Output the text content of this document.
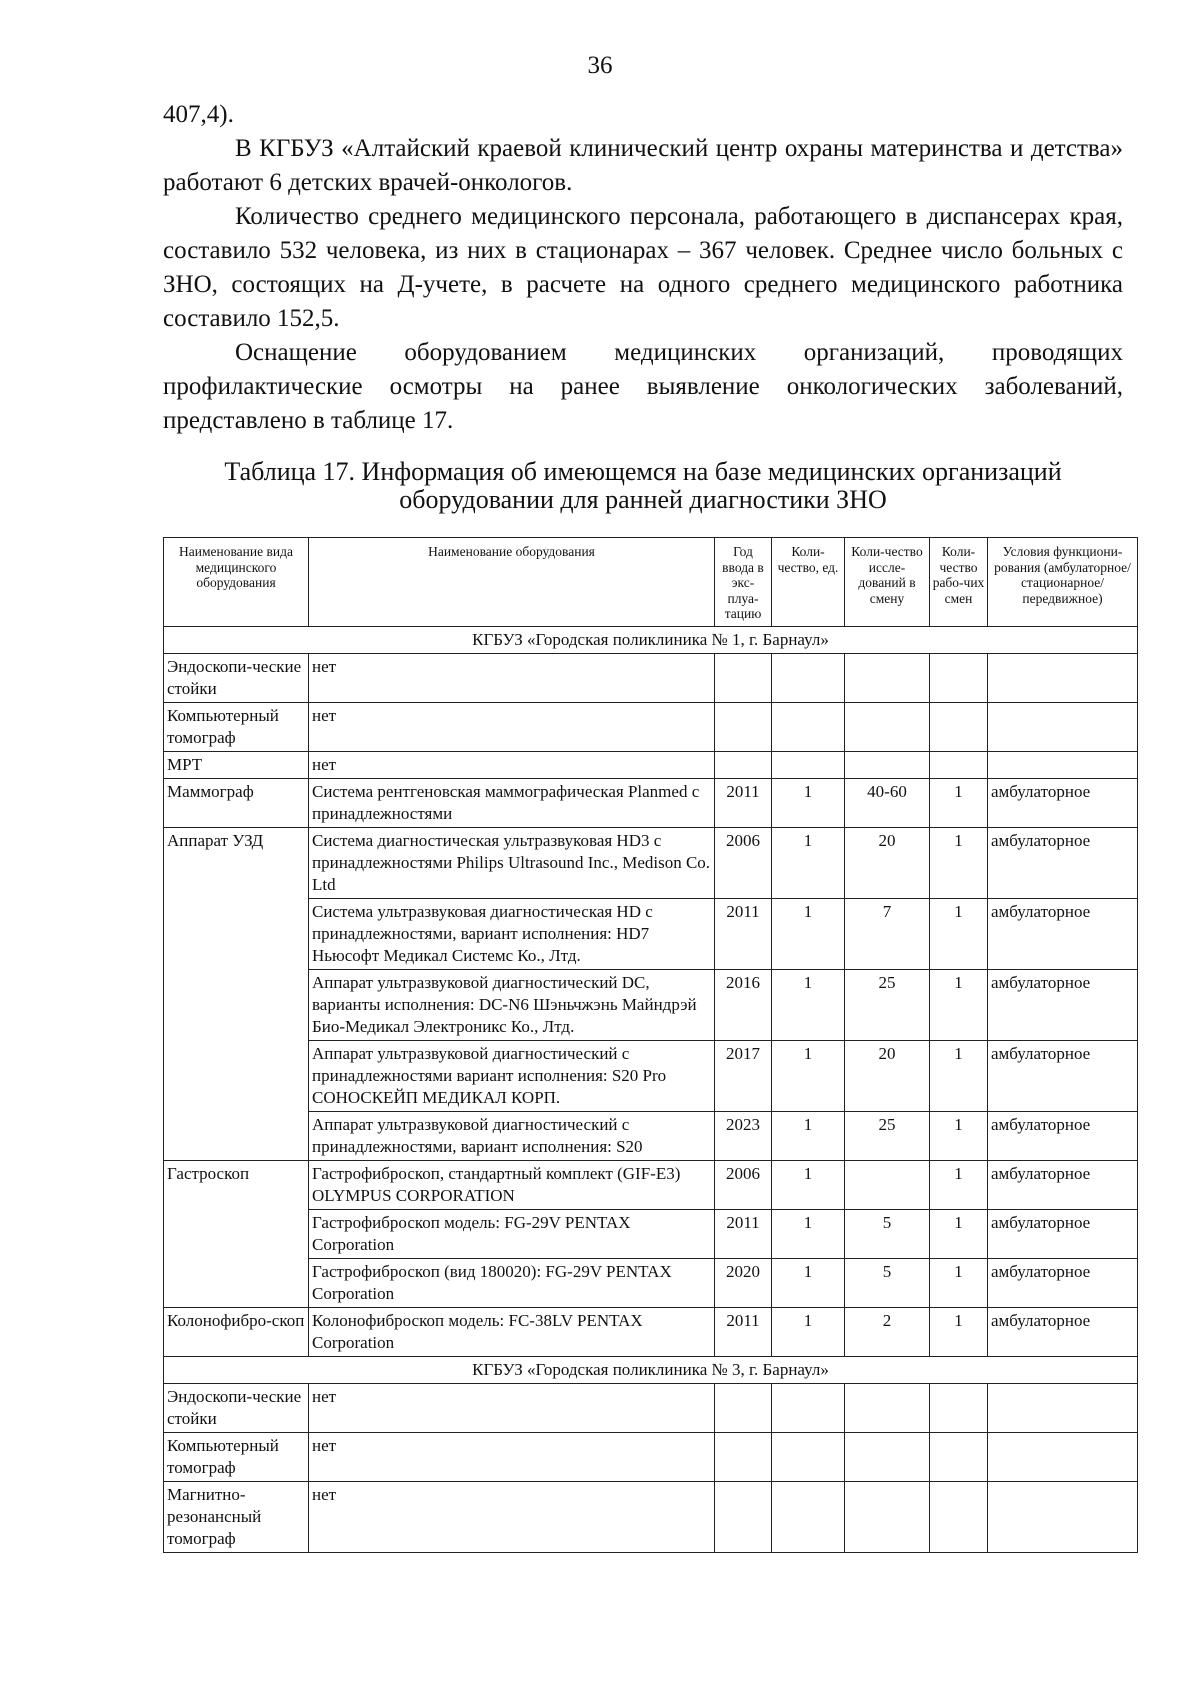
36

407,4).

В КГБУЗ «Алтайский краевой клинический центр охраны материнства и детства» работают 6 детских врачей-онкологов.

Количество среднего медицинского персонала, работающего в диспансерах края, составило 532 человека, из них в стационарах – 367 человек. Среднее число больных с ЗНО, состоящих на Д-учете, в расчете на одного среднего медицинского работника составило 152,5.

Оснащение оборудованием медицинских организаций, проводящих профилактические осмотры на ранее выявление онкологических заболеваний, представлено в таблице 17.

Таблица 17. Информация об имеющемся на базе медицинских организаций оборудовании для ранней диагностики ЗНО
Наименование вида медицинского оборудования	Наименование оборудования	Год ввода в экс-плуа-тацию	Коли-чество, ед.	Коли-чество иссле-дований в смену	Коли-чество рабо-чих смен	Условия функциони-рования (амбулаторное/ стационарное/ передвижное)
КГБУЗ «Городская поликлиника № 1, г. Барнаул»						
Эндоскопи-ческие стойки	нет					
Компьютерный томограф	нет					
МРТ	нет					
Маммограф	Система рентгеновская маммографическая Planmed с принадлежностями	2011	1	40-60	1	амбулаторное
Аппарат УЗД	Система диагностическая ультразвуковая HD3 с принадлежностями Philips Ultrasound Inc., Medison Co. Ltd	2006	1	20	1	амбулаторное
	Система ультразвуковая диагностическая HD с принадлежностями, вариант исполнения: HD7 Ньюсофт Медикал Системс Ко., Лтд.	2011	1	7	1	амбулаторное
	Аппарат ультразвуковой диагностический DC, варианты исполнения: DC-N6 Шэньчжэнь Майндрэй Био-Медикал Электроникс Ко., Лтд.	2016	1	25	1	амбулаторное
	Аппарат ультразвуковой диагностический с принадлежностями вариант исполнения: S20 Pro СОНОСКЕЙП МЕДИКАЛ КОРП.	2017	1	20	1	амбулаторное
	Аппарат ультразвуковой диагностический с принадлежностями, вариант исполнения: S20	2023	1	25	1	амбулаторное
Гастроскоп	Гастрофиброскоп, стандартный комплект (GIF-E3) OLYMPUS CORPORATION	2006	1		1	амбулаторное
	Гастрофиброскоп модель: FG-29V PENTAX Corporation	2011	1	5	1	амбулаторное
	Гастрофиброскоп (вид 180020): FG-29V PENTAX Corporation	2020	1	5	1	амбулаторное
Колонофибро-скоп	Колонофиброскоп модель: FC-38LV PENTAX Corporation	2011	1	2	1	амбулаторное
КГБУЗ «Городская поликлиника № 3, г. Барнаул»						
Эндоскопи-ческие стойки	нет					
Компьютерный томограф	нет					
Магнитно-резонансный томограф	нет					
